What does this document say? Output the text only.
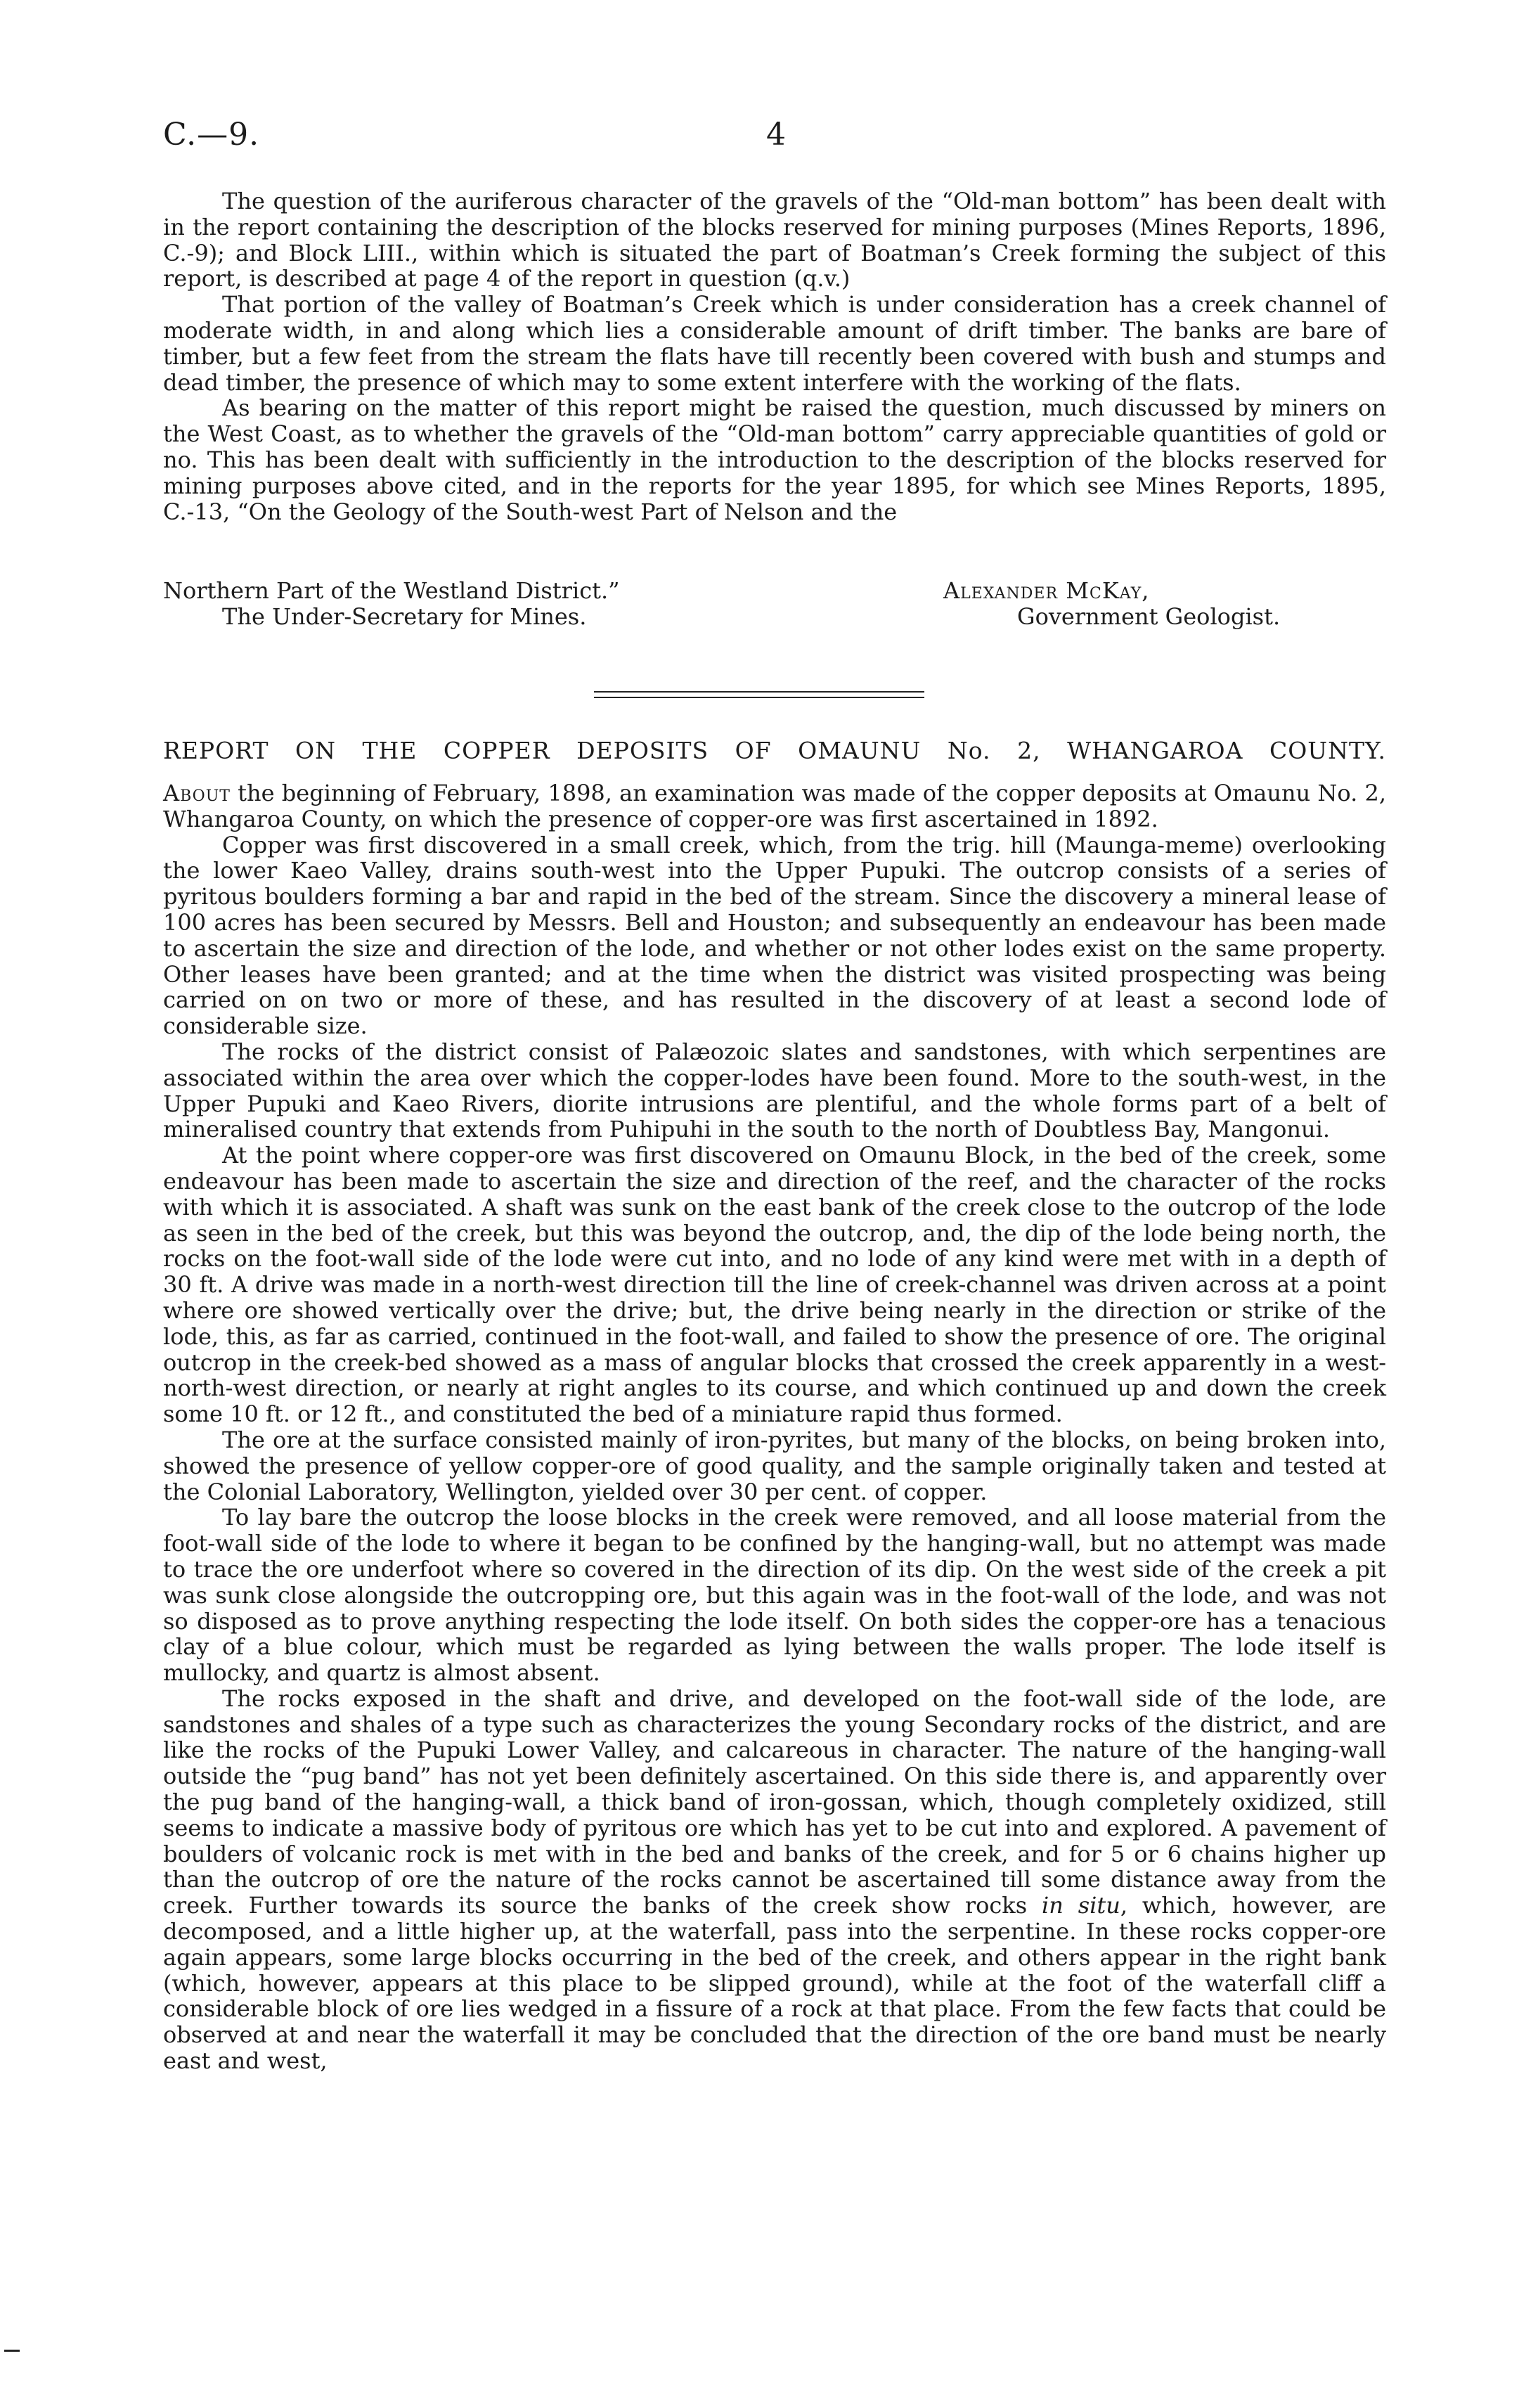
C.—9.	4

The question of the auriferous character of the gravels of the “Old-man bottom” has been dealt with in the report containing the description of the blocks reserved for mining purposes (Mines Reports, 1896, C.-9); and Block LIII., within which is situated the part of Boatman’s Creek forming the subject of this report, is described at page 4 of the report in question (q.v.)

That portion of the valley of Boatman’s Creek which is under consideration has a creek channel of moderate width, in and along which lies a considerable amount of drift timber. The banks are bare of timber, but a few feet from the stream the flats have till recently been covered with bush and stumps and dead timber, the presence of which may to some extent interfere with the working of the flats.

As bearing on the matter of this report might be raised the question, much discussed by miners on the West Coast, as to whether the gravels of the “Old-man bottom” carry appreciable quantities of gold or no. This has been dealt with sufficiently in the introduction to the description of the blocks reserved for mining purposes above cited, and in the reports for the year 1895, for which see Mines Reports, 1895, C.-13, “On the Geology of the South-west Part of Nelson and the

Northern Part of the Westland District.”	Alexander McKay,
The Under-Secretary for Mines.	Government Geologist.
REPORT ON THE COPPER DEPOSITS OF OMAUNU No. 2, WHANGAROA COUNTY.

About the beginning of February, 1898, an examination was made of the copper deposits at Omaunu No. 2, Whangaroa County, on which the presence of copper-ore was first ascertained in 1892.

Copper was first discovered in a small creek, which, from the trig. hill (Maunga-meme) overlooking the lower Kaeo Valley, drains south-west into the Upper Pupuki. The outcrop consists of a series of pyritous boulders forming a bar and rapid in the bed of the stream. Since the discovery a mineral lease of 100 acres has been secured by Messrs. Bell and Houston; and subsequently an endeavour has been made to ascertain the size and direction of the lode, and whether or not other lodes exist on the same property. Other leases have been granted; and at the time when the district was visited prospecting was being carried on on two or more of these, and has resulted in the discovery of at least a second lode of considerable size.

The rocks of the district consist of Palæozoic slates and sandstones, with which serpentines are associated within the area over which the copper-lodes have been found. More to the south-west, in the Upper Pupuki and Kaeo Rivers, diorite intrusions are plentiful, and the whole forms part of a belt of mineralised country that extends from Puhipuhi in the south to the north of Doubtless Bay, Mangonui.

At the point where copper-ore was first discovered on Omaunu Block, in the bed of the creek, some endeavour has been made to ascertain the size and direction of the reef, and the character of the rocks with which it is associated. A shaft was sunk on the east bank of the creek close to the outcrop of the lode as seen in the bed of the creek, but this was beyond the outcrop, and, the dip of the lode being north, the rocks on the foot-wall side of the lode were cut into, and no lode of any kind were met with in a depth of 30 ft. A drive was made in a north-west direction till the line of creek-channel was driven across at a point where ore showed vertically over the drive; but, the drive being nearly in the direction or strike of the lode, this, as far as carried, continued in the foot-wall, and failed to show the presence of ore. The original outcrop in the creek-bed showed as a mass of angular blocks that crossed the creek apparently in a west-north-west direction, or nearly at right angles to its course, and which continued up and down the creek some 10 ft. or 12 ft., and constituted the bed of a miniature rapid thus formed.

The ore at the surface consisted mainly of iron-pyrites, but many of the blocks, on being broken into, showed the presence of yellow copper-ore of good quality, and the sample originally taken and tested at the Colonial Laboratory, Wellington, yielded over 30 per cent. of copper.

To lay bare the outcrop the loose blocks in the creek were removed, and all loose material from the foot-wall side of the lode to where it began to be confined by the hanging-wall, but no attempt was made to trace the ore underfoot where so covered in the direction of its dip. On the west side of the creek a pit was sunk close alongside the outcropping ore, but this again was in the foot-wall of the lode, and was not so disposed as to prove anything respecting the lode itself. On both sides the copper-ore has a tenacious clay of a blue colour, which must be regarded as lying between the walls proper. The lode itself is mullocky, and quartz is almost absent.

The rocks exposed in the shaft and drive, and developed on the foot-wall side of the lode, are sandstones and shales of a type such as characterizes the young Secondary rocks of the district, and are like the rocks of the Pupuki Lower Valley, and calcareous in character. The nature of the hanging-wall outside the “pug band” has not yet been definitely ascertained. On this side there is, and apparently over the pug band of the hanging-wall, a thick band of iron-gossan, which, though completely oxidized, still seems to indicate a massive body of pyritous ore which has yet to be cut into and explored. A pavement of boulders of volcanic rock is met with in the bed and banks of the creek, and for 5 or 6 chains higher up than the outcrop of ore the nature of the rocks cannot be ascertained till some distance away from the creek. Further towards its source the banks of the creek show rocks in situ, which, however, are decomposed, and a little higher up, at the waterfall, pass into the serpentine. In these rocks copper-ore again appears, some large blocks occurring in the bed of the creek, and others appear in the right bank (which, however, appears at this place to be slipped ground), while at the foot of the waterfall cliff a considerable block of ore lies wedged in a fissure of a rock at that place. From the few facts that could be observed at and near the waterfall it may be concluded that the direction of the ore band must be nearly east and west,
